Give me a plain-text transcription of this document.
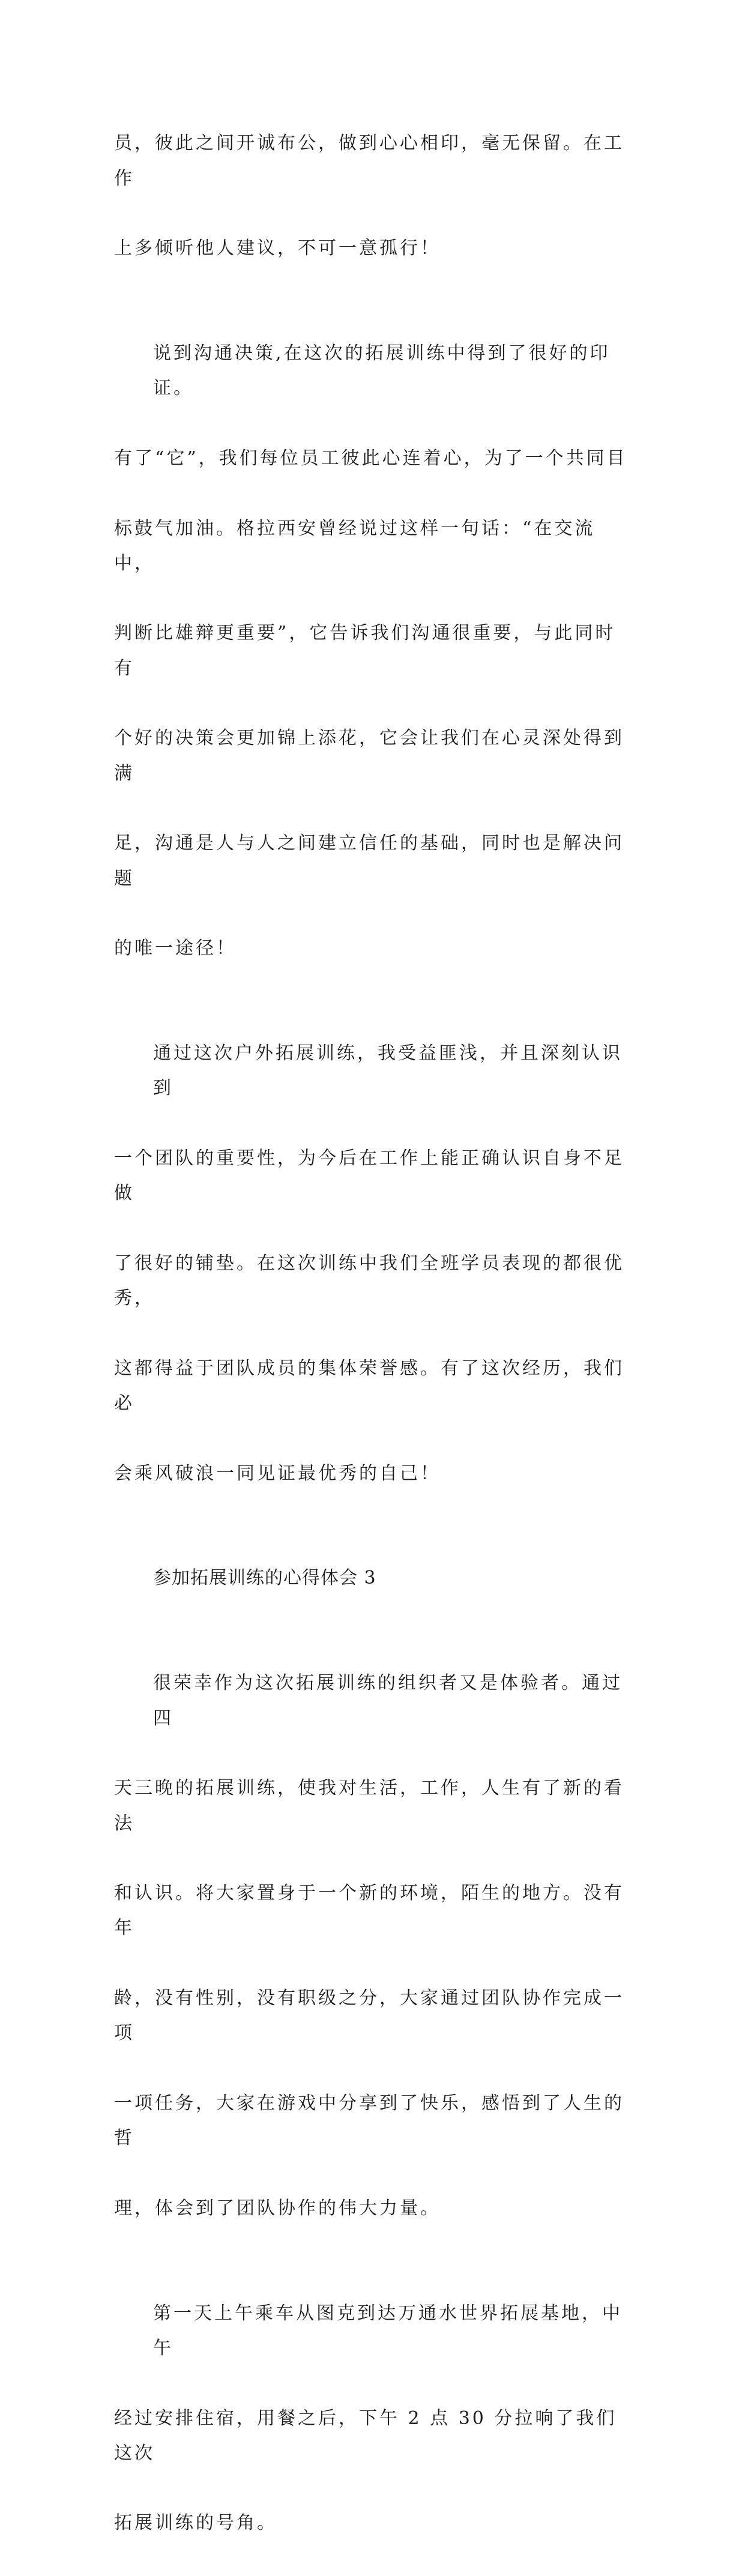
员，彼此之间开诚布公，做到心心相印，毫无保留。在工作

上多倾听他人建议，不可一意孤行！

说到沟通决策,在这次的拓展训练中得到了很好的印证。

有了“它”，我们每位员工彼此心连着心，为了一个共同目

标鼓气加油。格拉西安曾经说过这样一句话：“在交流中，

判断比雄辩更重要”，它告诉我们沟通很重要，与此同时有

个好的决策会更加锦上添花，它会让我们在心灵深处得到满

足，沟通是人与人之间建立信任的基础，同时也是解决问题

的唯一途径！

通过这次户外拓展训练，我受益匪浅，并且深刻认识到

一个团队的重要性，为今后在工作上能正确认识自身不足做

了很好的铺垫。在这次训练中我们全班学员表现的都很优秀，

这都得益于团队成员的集体荣誉感。有了这次经历，我们必

会乘风破浪一同见证最优秀的自己！

参加拓展训练的心得体会 3

很荣幸作为这次拓展训练的组织者又是体验者。通过四

天三晚的拓展训练，使我对生活，工作，人生有了新的看法

和认识。将大家置身于一个新的环境，陌生的地方。没有年

龄，没有性别，没有职级之分，大家通过团队协作完成一项

一项任务，大家在游戏中分享到了快乐，感悟到了人生的哲

理，体会到了团队协作的伟大力量。

第一天上午乘车从图克到达万通水世界拓展基地，中午

经过安排住宿，用餐之后，下午 2 点 30 分拉响了我们这次

拓展训练的号角。
